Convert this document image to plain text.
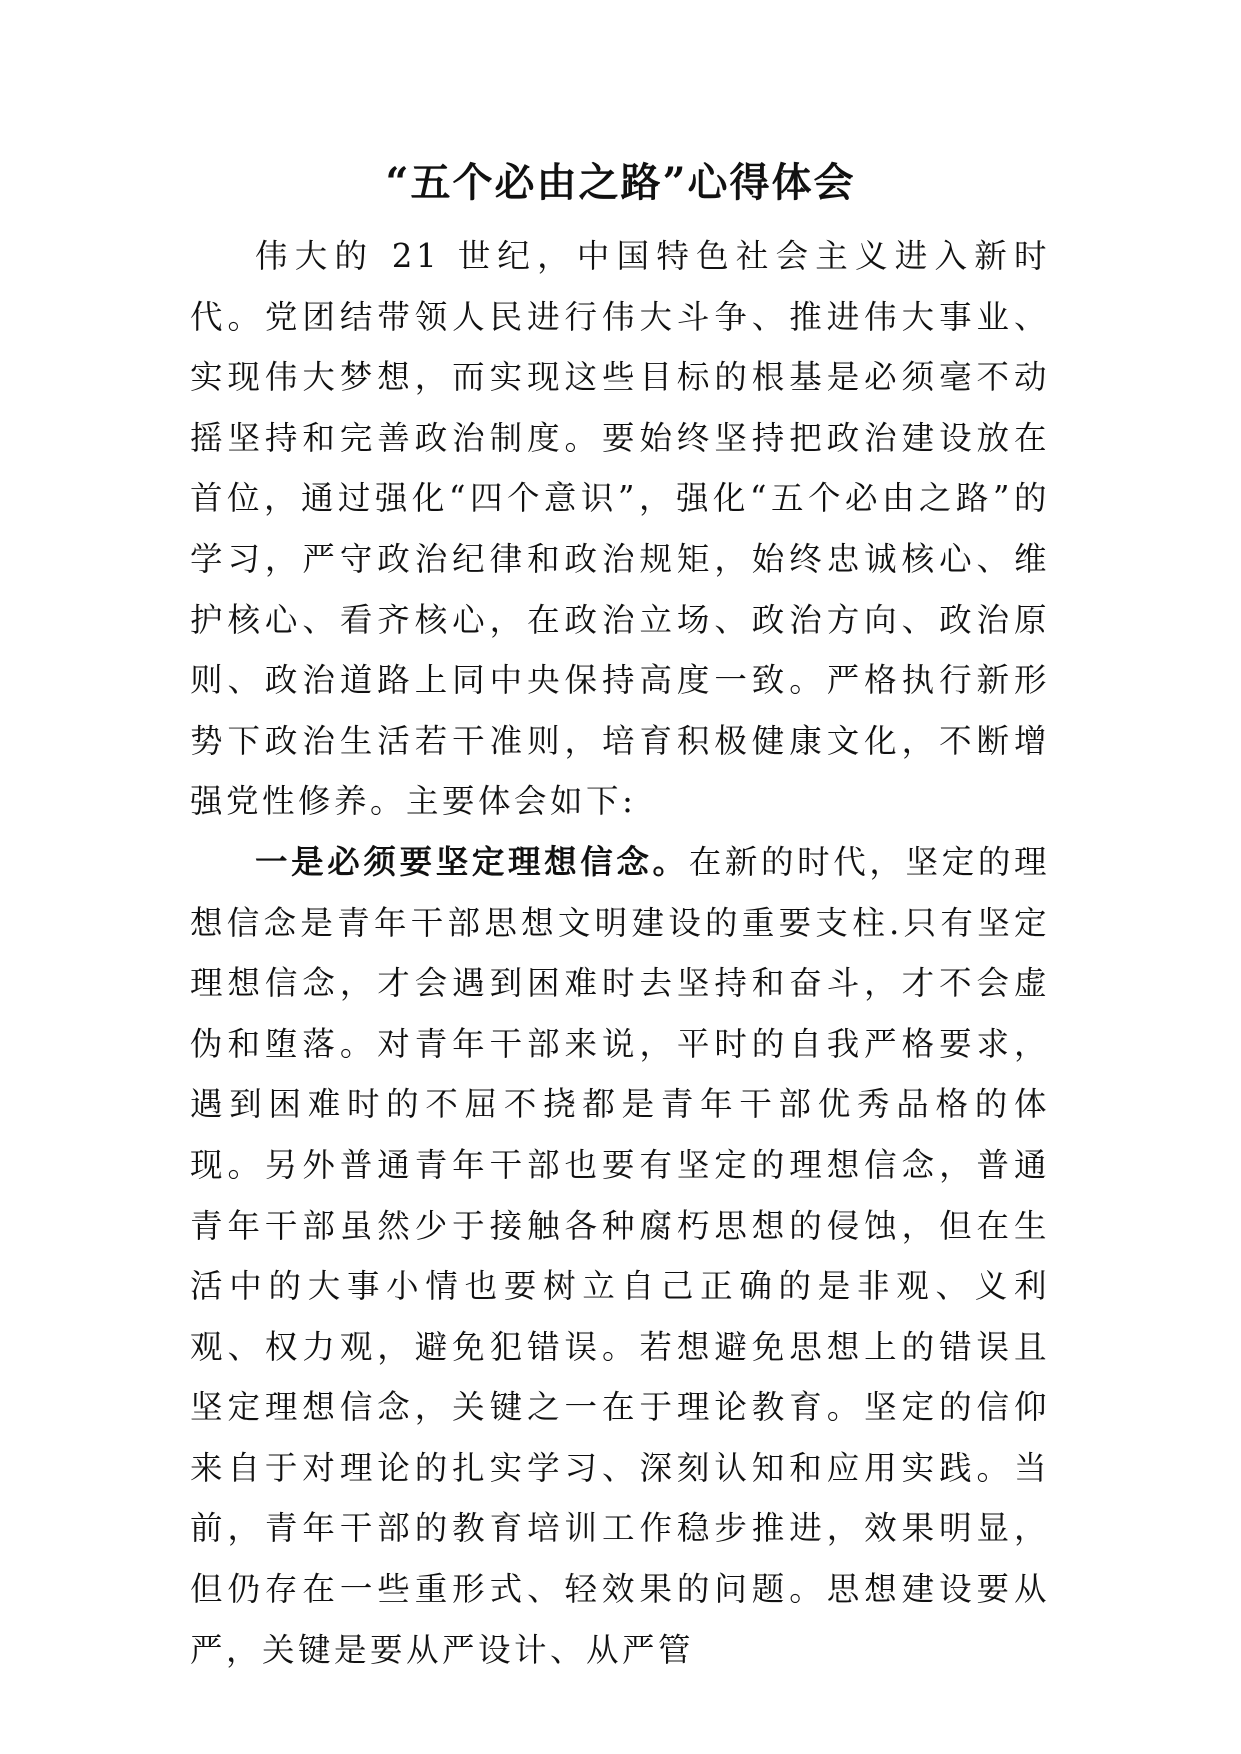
“五个必由之路”心得体会

伟大的 21 世纪，中国特色社会主义进入新时代。党团结带领人民进行伟大斗争、推进伟大事业、实现伟大梦想，而实现这些目标的根基是必须毫不动摇坚持和完善政治制度。要始终坚持把政治建设放在首位，通过强化“四个意识”，强化“五个必由之路”的学习，严守政治纪律和政治规矩，始终忠诚核心、维护核心、看齐核心，在政治立场、政治方向、政治原则、政治道路上同中央保持高度一致。严格执行新形势下政治生活若干准则，培育积极健康文化，不断增强党性修养。主要体会如下:

一是必须要坚定理想信念。在新的时代，坚定的理想信念是青年干部思想文明建设的重要支柱.只有坚定理想信念，才会遇到困难时去坚持和奋斗，才不会虚伪和堕落。对青年干部来说，平时的自我严格要求，遇到困难时的不屈不挠都是青年干部优秀品格的体现。另外普通青年干部也要有坚定的理想信念，普通青年干部虽然少于接触各种腐朽思想的侵蚀，但在生活中的大事小情也要树立自己正确的是非观、义利观、权力观，避免犯错误。若想避免思想上的错误且坚定理想信念，关键之一在于理论教育。坚定的信仰来自于对理论的扎实学习、深刻认知和应用实践。当前，青年干部的教育培训工作稳步推进，效果明显，但仍存在一些重形式、轻效果的问题。思想建设要从严，关键是要从严设计、从严管
